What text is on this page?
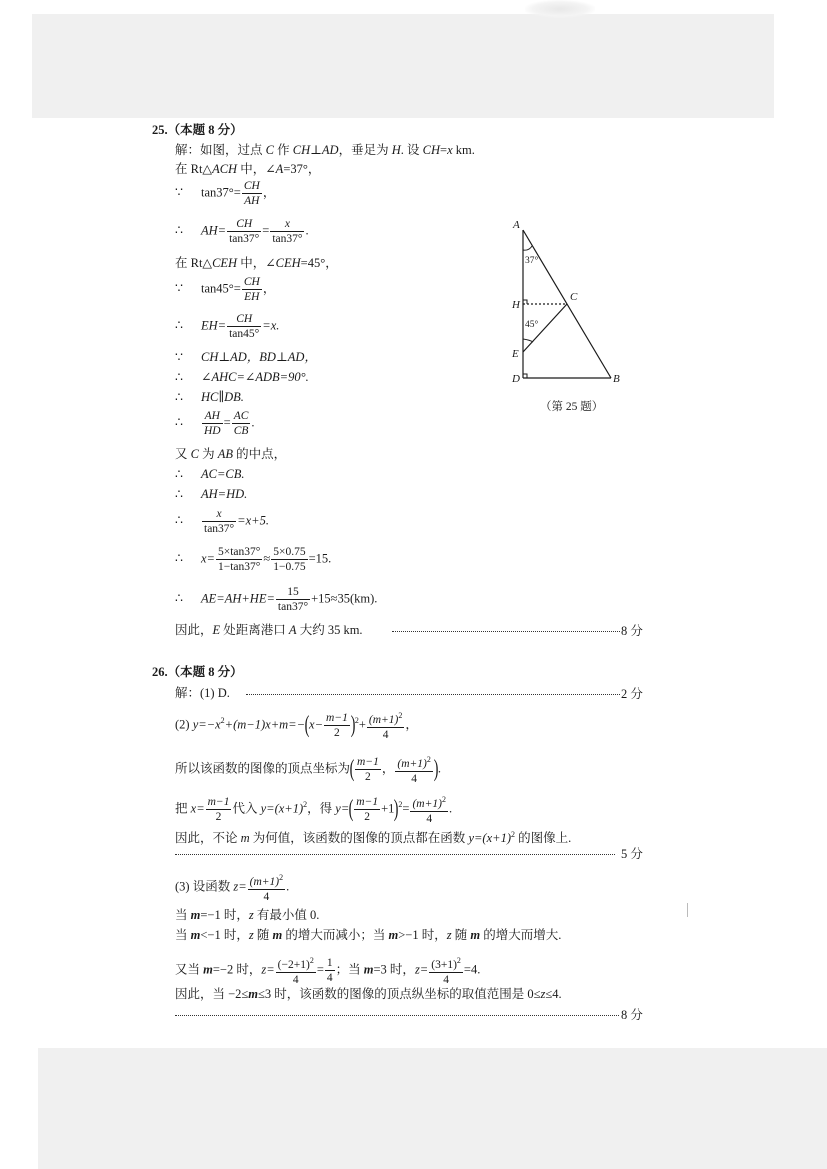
25.（本题 8 分）
解：如图，过点 C 作 CH⊥AD，垂足为 H. 设 CH=x km.
在 Rt△ACH 中，∠A=37°，
∵ $\tan 37^\circ= \frac{CH}{AH}$ ，
∴ $AH= \frac{CH}{\tan 37^\circ} = \frac{x}{\tan 37^\circ}$ .
在 Rt△CEH 中，∠CEH=45°，
∵ $\tan 45^\circ= \frac{CH}{EH}$ ，
∴ $EH= \frac{CH}{\tan 45^\circ} =x$.
∵ CH⊥AD，BD⊥AD，
∴ ∠AHC=∠ADB=90°.
∴ HC∥DB.
∴ $\frac{AH}{HD} = \frac{AC}{CB}$ .
又 C 为 AB 的中点，
∴ AC=CB.
∴ AH=HD.
∴ $\frac{x}{\tan 37^\circ} =x+5$.
∴ $x= \frac{5\times\tan 37^\circ}{1-\tan 37^\circ} \approx \frac{5\times 0.75}{1-0.75} =15$.
∴ $AE=AH+HE= \frac{15}{\tan 37^\circ} +15\approx 35(km)$.
因此，E 处距离港口 A 大约 35 km.	8 分
A
H
C
E
D	B
37°
45°
（第 25 题）
26.（本题 8 分）
解：(1) D.	2 分
(2) $y=-x^2+(m-1)x+m=-(x- \frac{m-1}{2} )^2+ \frac{(m+1)^2}{4}$ ，
所以该函数的图像的顶点坐标为( $\frac{m-1}{2}$ ， $\frac{(m+1)^2}{4}$ ).
把 $x= \frac{m-1}{2}$ 代入 $y=(x+1)^2$，得 $y=( \frac{m-1}{2} +1)^2= \frac{(m+1)^2}{4}$ .
因此，不论 m 为何值，该函数的图像的顶点都在函数 $y=(x+1)^2$ 的图像上.
5 分
(3) 设函数 $z= \frac{(m+1)^2}{4}$ .
当 m=−1 时，z 有最小值 0.
当 m<−1 时，z 随 m 的增大而减小；当 m>−1 时，z 随 m 的增大而增大.
又当 m=−2 时，$z= \frac{(-2+1)^2}{4} = \frac{1}{4}$ ；当 m=3 时，$z= \frac{(3+1)^2}{4} =4$.
因此，当 −2≤m≤3 时，该函数的图像的顶点纵坐标的取值范围是 0≤z≤4.
8 分
